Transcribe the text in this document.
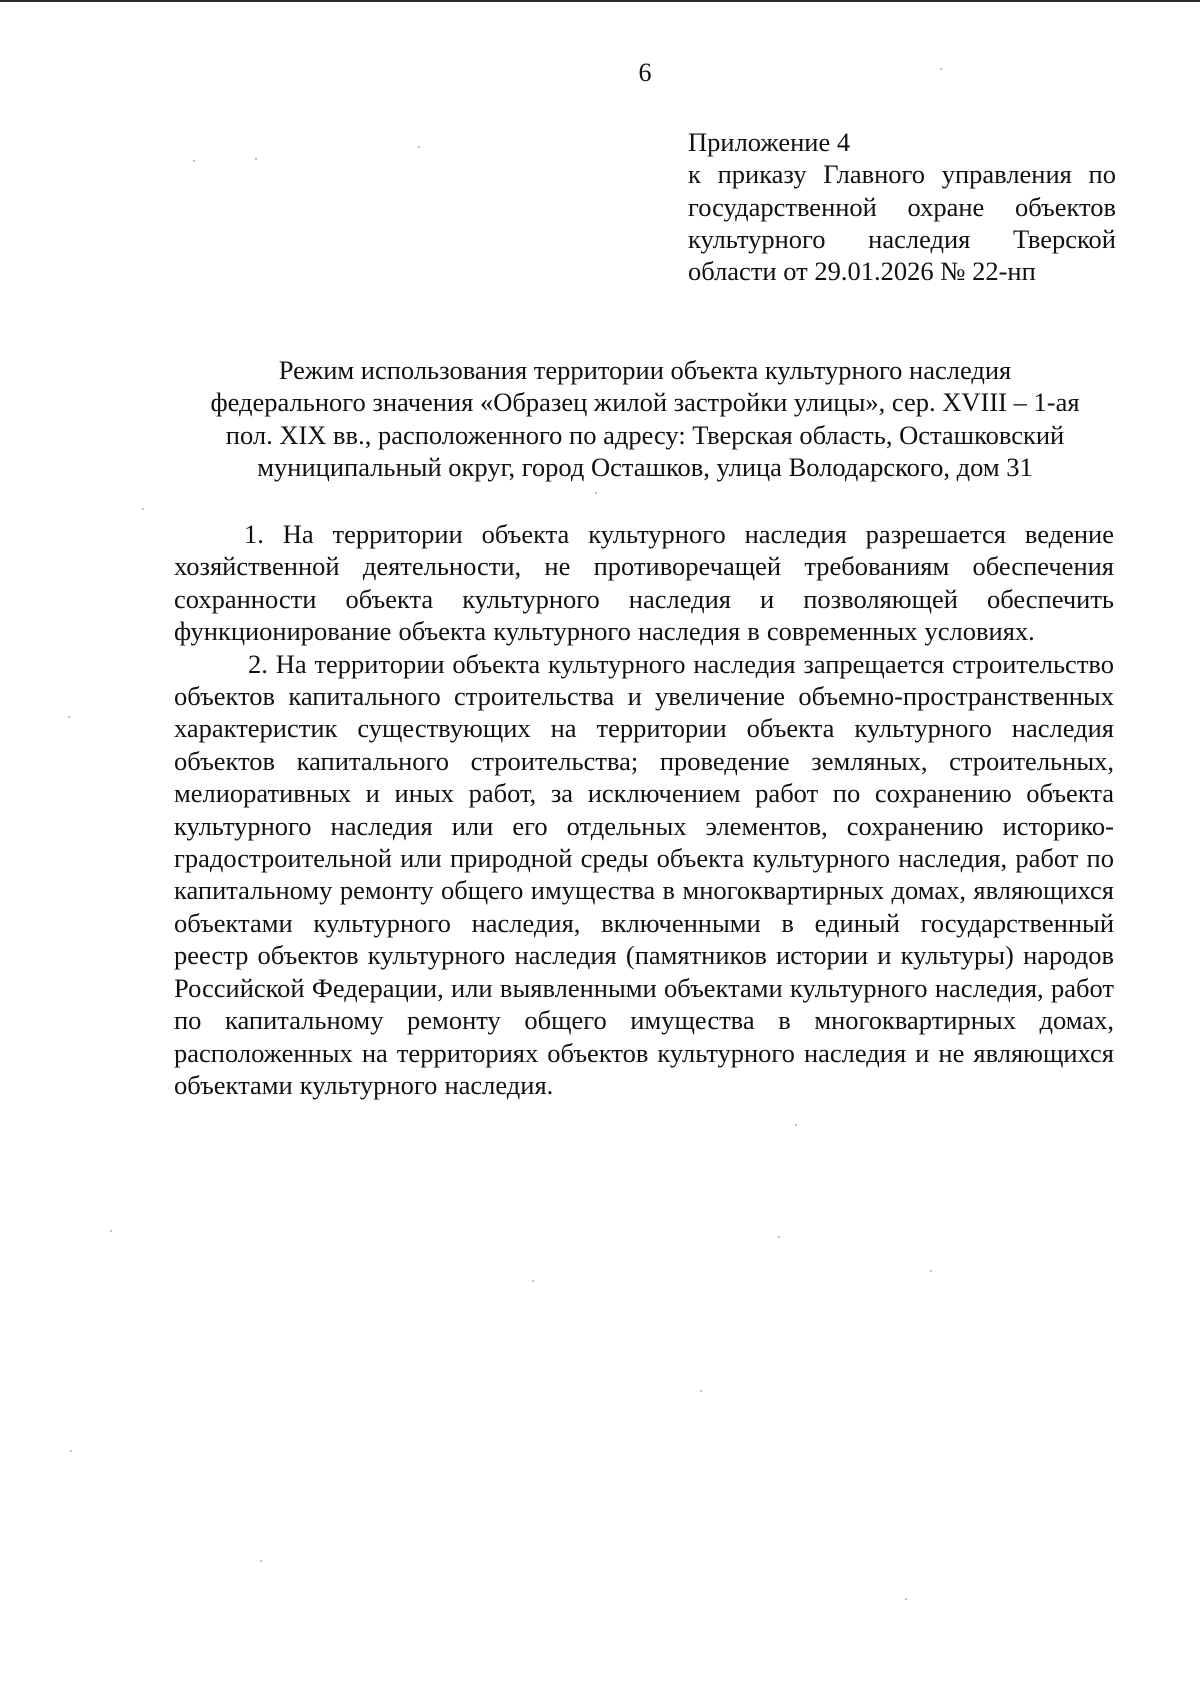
6
Приложение 4
к приказу Главного управления по государственной охране объектов культурного наследия Тверской области от 29.01.2026 № 22-нп
Режим использования территории объекта культурного наследия
федерального значения «Образец жилой застройки улицы», сер. XVIII – 1-ая
пол. XIX вв., расположенного по адресу: Тверская область, Осташковский
муниципальный округ, город Осташков, улица Володарского, дом 31

1. На территории объекта культурного наследия разрешается ведение хозяйственной деятельности, не противоречащей требованиям обеспечения сохранности объекта культурного наследия и позволяющей обеспечить функционирование объекта культурного наследия в современных условиях.

2. На территории объекта культурного наследия запрещается строительство объектов капитального строительства и увеличение объемно-пространственных характеристик существующих на территории объекта культурного наследия объектов капитального строительства; проведение земляных, строительных, мелиоративных и иных работ, за исключением работ по сохранению объекта культурного наследия или его отдельных элементов, сохранению историко-градостроительной или природной среды объекта культурного наследия, работ по капитальному ремонту общего имущества в многоквартирных домах, являющихся объектами культурного наследия, включенными в единый государственный реестр объектов культурного наследия (памятников истории и культуры) народов Российской Федерации, или выявленными объектами культурного наследия, работ по капитальному ремонту общего имущества в многоквартирных домах, расположенных на территориях объектов культурного наследия и не являющихся объектами культурного наследия.
